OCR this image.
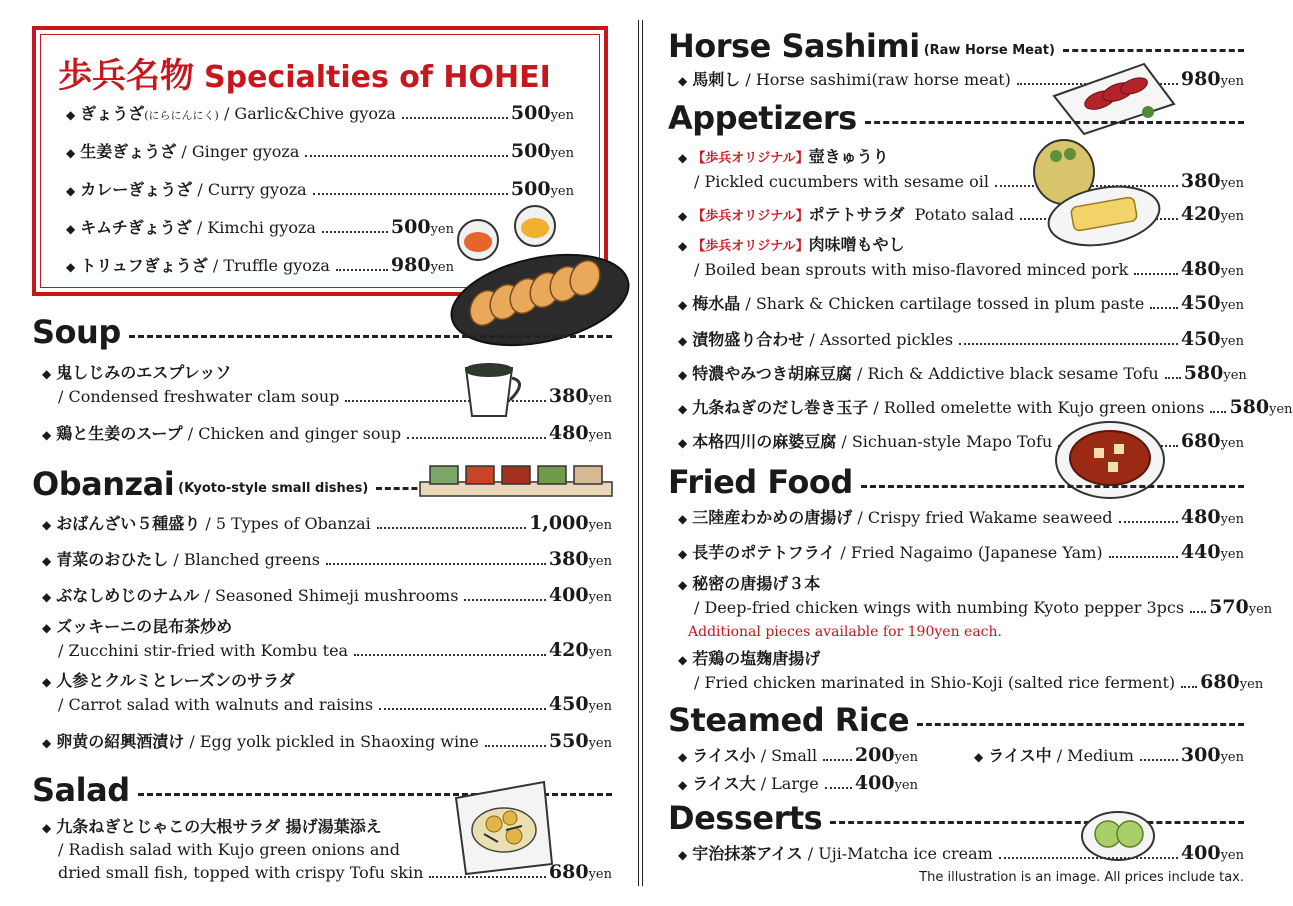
歩兵名物 Specialties of HOHEI
◆ ぎょうざ(にらにんにく) / Garlic&Chive gyoza	500yen
◆ 生姜ぎょうざ / Ginger gyoza	500yen
◆ カレーぎょうざ / Curry gyoza	500yen
◆ キムチぎょうざ / Kimchi gyoza	500yen
◆ トリュフぎょうざ / Truffle gyoza	980yen
Soup
◆ 鬼しじみのエスプレッソ
/ Condensed freshwater clam soup	380yen
◆ 鶏と生姜のスープ / Chicken and ginger soup	480yen
Obanzai (Kyoto-style small dishes)
◆ おばんざい５種盛り / 5 Types of Obanzai	1,000yen
◆ 青菜のおひたし / Blanched greens	380yen
◆ ぶなしめじのナムル / Seasoned Shimeji mushrooms	400yen
◆ ズッキーニの昆布茶炒め
/ Zucchini stir-fried with Kombu tea	420yen
◆ 人参とクルミとレーズンのサラダ
/ Carrot salad with walnuts and raisins	450yen
◆ 卵黄の紹興酒漬け / Egg yolk pickled in Shaoxing wine	550yen
Salad
◆ 九条ねぎとじゃこの大根サラダ 揚げ湯葉添え
/ Radish salad with Kujo green onions and
dried small fish, topped with crispy Tofu skin	680yen
Horse Sashimi (Raw Horse Meat)
◆ 馬刺し / Horse sashimi(raw horse meat)	980yen
Appetizers
◆ 【歩兵オリジナル】壺きゅうり
/ Pickled cucumbers with sesame oil	380yen
◆ 【歩兵オリジナル】ポテトサラダ Potato salad	420yen
◆ 【歩兵オリジナル】肉味噌もやし
/ Boiled bean sprouts with miso-flavored minced pork	480yen
◆ 梅水晶 / Shark & Chicken cartilage tossed in plum paste 450yen
◆ 漬物盛り合わせ / Assorted pickles	450yen
◆ 特濃やみつき胡麻豆腐 / Rich & Addictive black sesame Tofu 580yen
◆ 九条ねぎのだし巻き玉子 / Rolled omelette with Kujo green onions 580yen
◆ 本格四川の麻婆豆腐 / Sichuan-style Mapo Tofu	680yen
Fried Food
◆ 三陸産わかめの唐揚げ / Crispy fried Wakame seaweed	480yen
◆ 長芋のポテトフライ / Fried Nagaimo (Japanese Yam)	440yen
◆ 秘密の唐揚げ３本
/ Deep-fried chicken wings with numbing Kyoto pepper 3pcs 570yen
Additional pieces available for 190yen each.
◆ 若鶏の塩麹唐揚げ
/ Fried chicken marinated in Shio-Koji (salted rice ferment) 680yen
Steamed Rice
◆ ライス小 / Small 200yen	◆ ライス中 / Medium 300yen
◆ ライス大 / Large 400yen
Desserts
◆ 宇治抹茶アイス / Uji-Matcha ice cream	400yen
The illustration is an image. All prices include tax.
